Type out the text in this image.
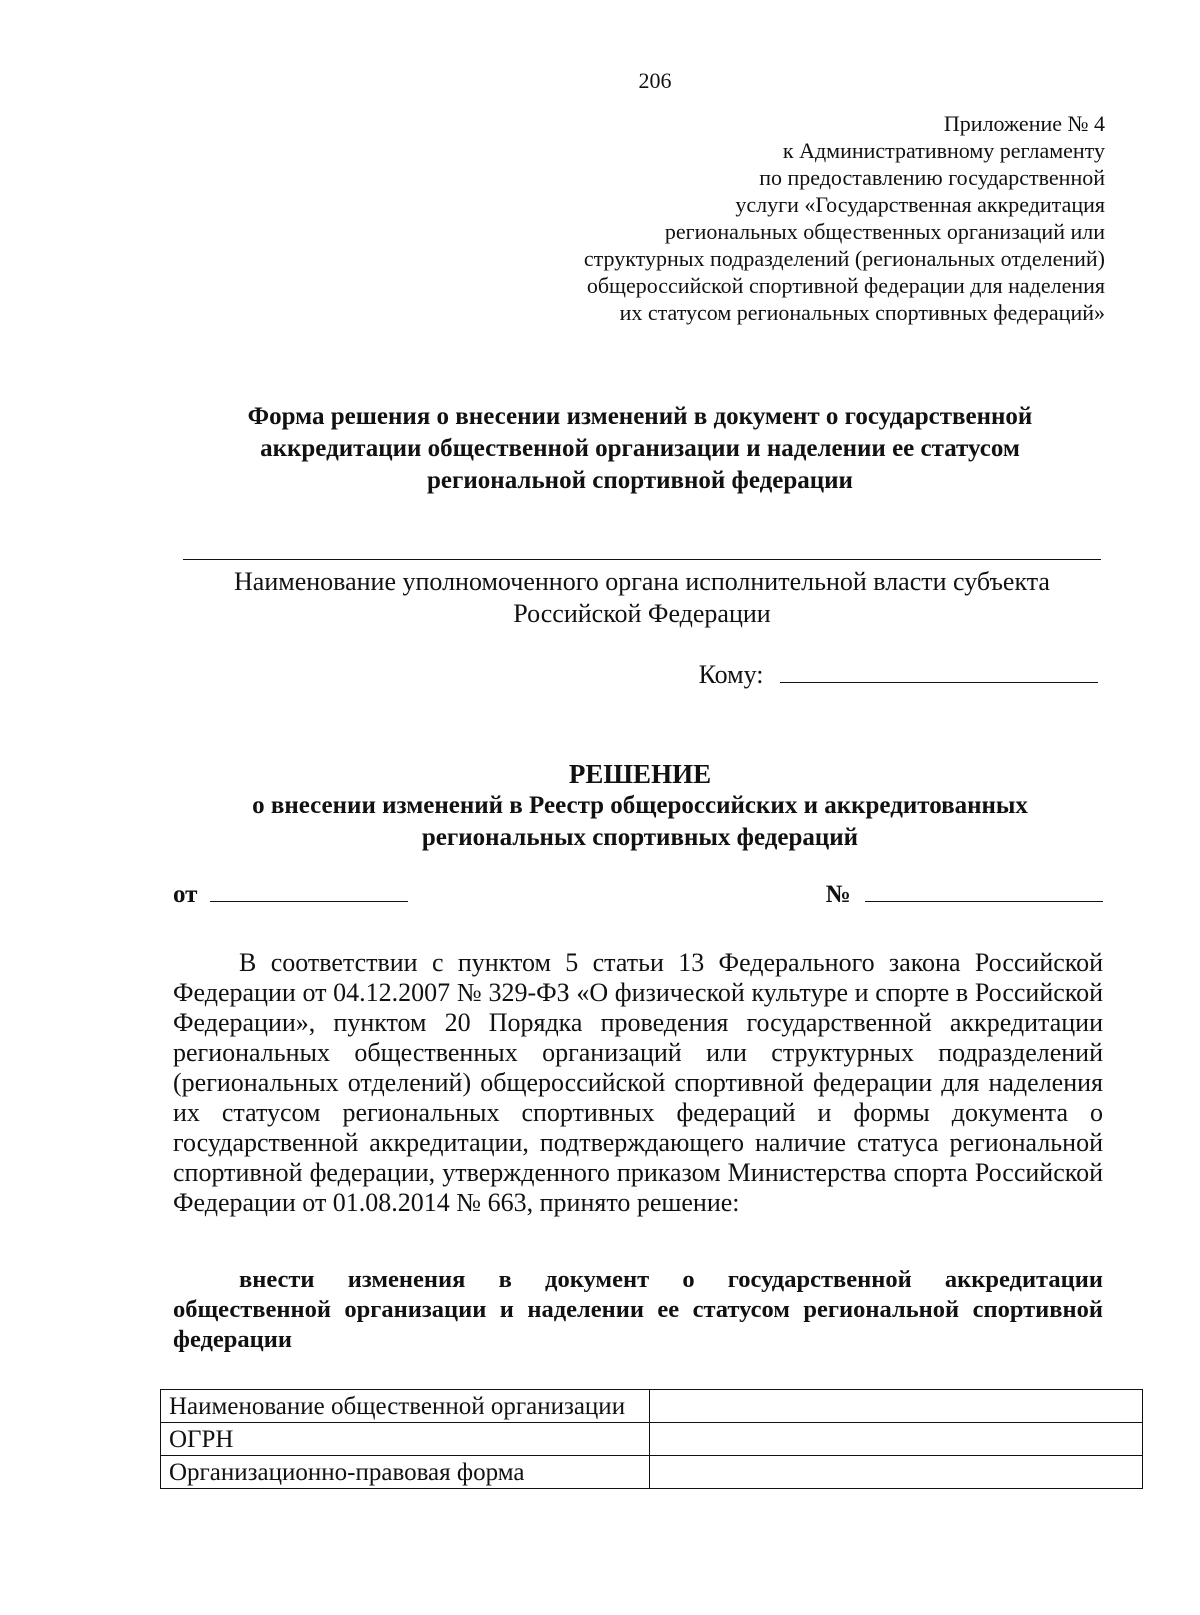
206
Приложение № 4
к Административному регламенту
по предоставлению государственной
услуги «Государственная аккредитация
региональных общественных организаций или
структурных подразделений (региональных отделений)
общероссийской спортивной федерации для наделения
их статусом региональных спортивных федераций»
Форма решения о внесении изменений в документ о государственной
аккредитации общественной организации и наделении ее статусом
региональной спортивной федерации
Наименование уполномоченного органа исполнительной власти субъекта
Российской Федерации
Кому:
РЕШЕНИЕ
о внесении изменений в Реестр общероссийских и аккредитованных
региональных спортивных федераций
от	№

В соответствии с пунктом 5 статьи 13 Федерального закона Российской Федерации от 04.12.2007 № 329-ФЗ «О физической культуре и спорте в Российской Федерации», пунктом 20 Порядка проведения государственной аккредитации региональных общественных организаций или структурных подразделений (региональных отделений) общероссийской спортивной федерации для наделения их статусом региональных спортивных федераций и формы документа о государственной аккредитации, подтверждающего наличие статуса региональной спортивной федерации, утвержденного приказом Министерства спорта Российской Федерации от 01.08.2014 № 663, принято решение:

внести изменения в документ о государственной аккредитации общественной организации и наделении ее статусом региональной спортивной федерации

Наименование общественной организации	
ОГРН	
Организационно-правовая форма	
